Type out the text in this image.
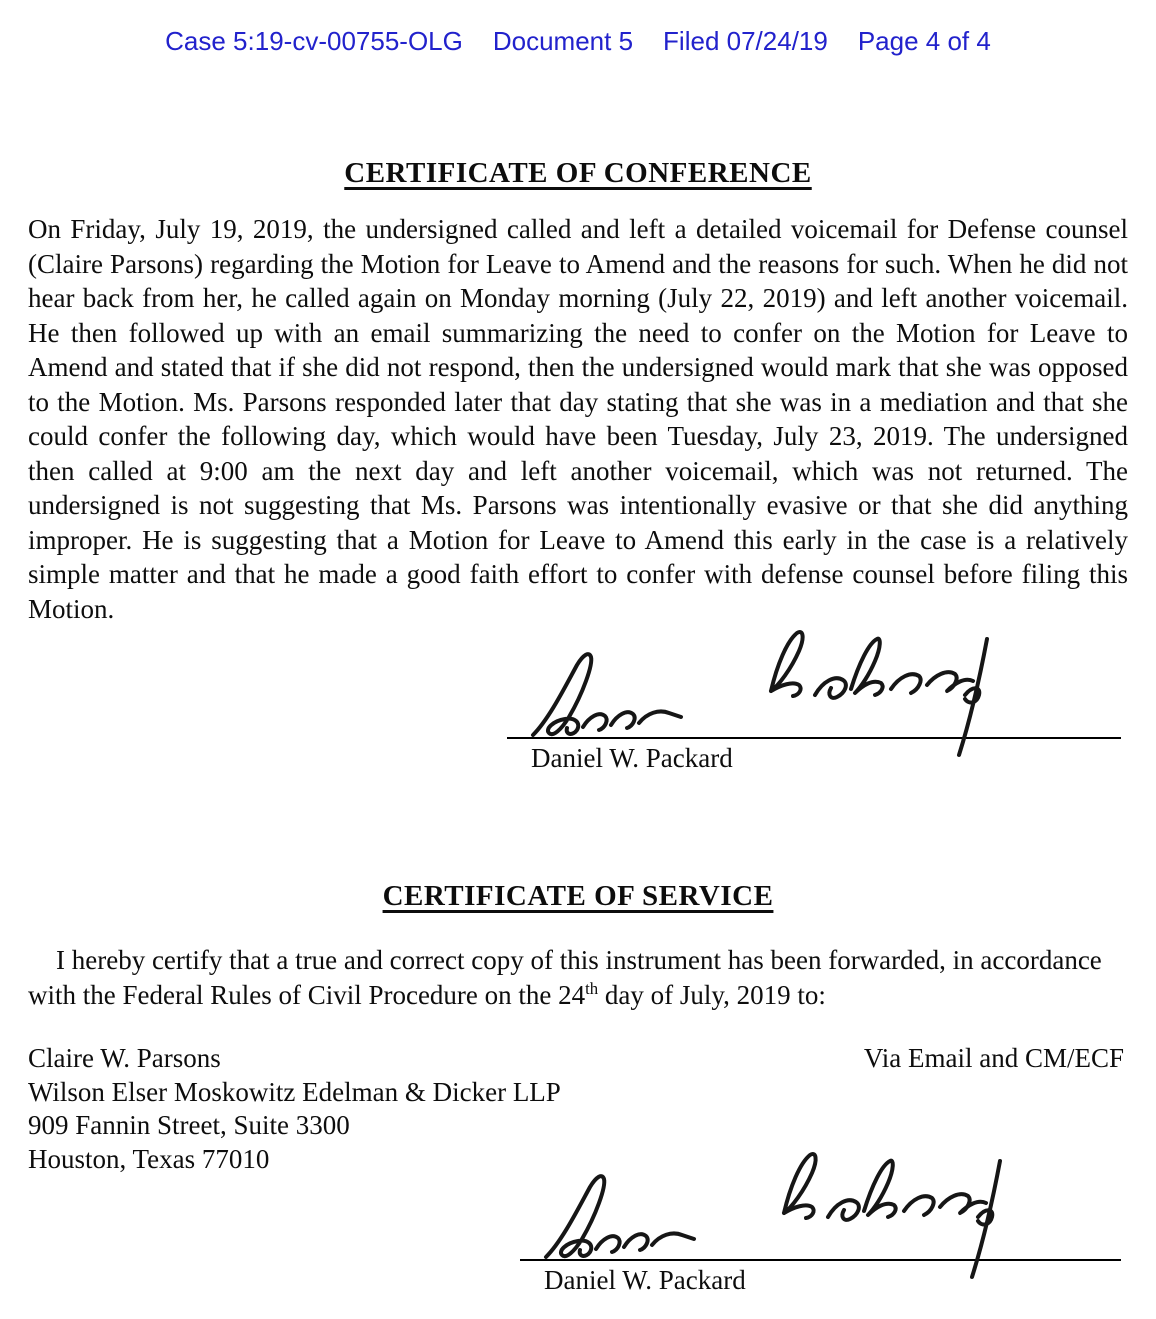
Case 5:19-cv-00755-OLG Document 5 Filed 07/24/19 Page 4 of 4
CERTIFICATE OF CONFERENCE

On Friday, July 19, 2019, the undersigned called and left a detailed voicemail for Defense counsel (Claire Parsons) regarding the Motion for Leave to Amend and the reasons for such. When he did not hear back from her, he called again on Monday morning (July 22, 2019) and left another voicemail. He then followed up with an email summarizing the need to confer on the Motion for Leave to Amend and stated that if she did not respond, then the undersigned would mark that she was opposed to the Motion. Ms. Parsons responded later that day stating that she was in a mediation and that she could confer the following day, which would have been Tuesday, July 23, 2019. The undersigned then called at 9:00 am the next day and left another voicemail, which was not returned. The undersigned is not suggesting that Ms. Parsons was intentionally evasive or that she did anything improper. He is suggesting that a Motion for Leave to Amend this early in the case is a relatively simple matter and that he made a good faith effort to confer with defense counsel before filing this Motion.

Daniel W. Packard
CERTIFICATE OF SERVICE

I hereby certify that a true and correct copy of this instrument has been forwarded, in accordance with the Federal Rules of Civil Procedure on the 24th day of July, 2019 to:

Claire W. Parsons
Wilson Elser Moskowitz Edelman & Dicker LLP
909 Fannin Street, Suite 3300
Houston, Texas 77010
Via Email and CM/ECF
Daniel W. Packard
